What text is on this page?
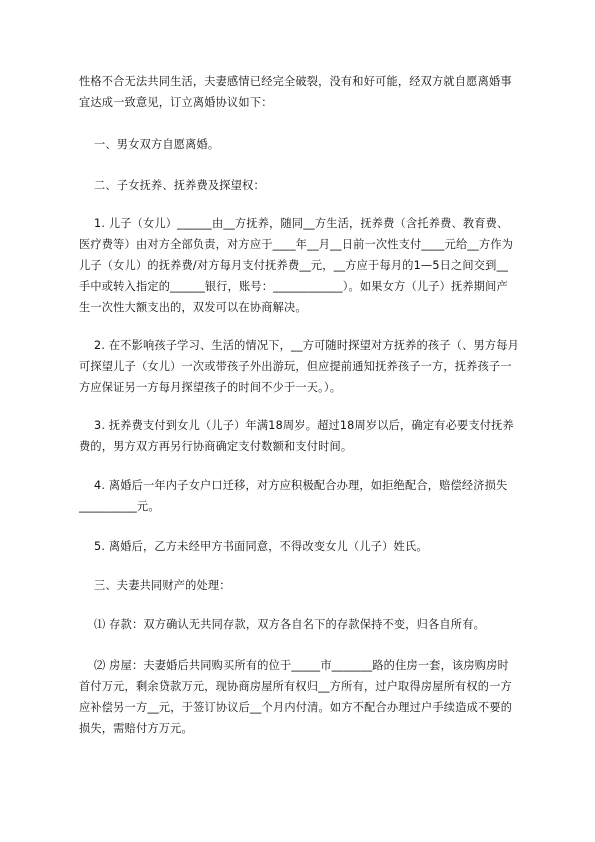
性格不合无法共同生活，夫妻感情已经完全破裂，没有和好可能，经双方就自愿离婚事宜达成一致意见，订立离婚协议如下：

一、男女双方自愿离婚。

二、子女抚养、抚养费及探望权：

1. 儿子（女儿）______由__方抚养，随同__方生活，抚养费（含托养费、教育费、医疗费等）由对方全部负责，对方应于____年__月__日前一次性支付____元给__方作为儿子（女儿）的抚养费/对方每月支付抚养费__元，__方应于每月的1—5日之间交到__手中或转入指定的______银行，账号：____________）。如果女方（儿子）抚养期间产生一次性大额支出的，双发可以在协商解决。

2. 在不影响孩子学习、生活的情况下，__方可随时探望对方抚养的孩子（、男方每月可探望儿子（女儿）一次或带孩子外出游玩，但应提前通知抚养孩子一方，抚养孩子一方应保证另一方每月探望孩子的时间不少于一天。）。

3. 抚养费支付到女儿（儿子）年满18周岁。超过18周岁以后，确定有必要支付抚养费的，男方双方再另行协商确定支付数额和支付时间。

4. 离婚后一年内子女户口迁移，对方应积极配合办理，如拒绝配合，赔偿经济损失__________元。

5. 离婚后，乙方未经甲方书面同意，不得改变女儿（儿子）姓氏。

三、夫妻共同财产的处理：

⑴ 存款：双方确认无共同存款，双方各自名下的存款保持不变，归各自所有。

⑵ 房屋：夫妻婚后共同购买所有的位于_____市_______路的住房一套，该房购房时首付万元，剩余贷款万元，现协商房屋所有权归__方所有，过户取得房屋所有权的一方应补偿另一方__元，于签订协议后__个月内付清。如方不配合办理过户手续造成不要的损失，需赔付方万元。
